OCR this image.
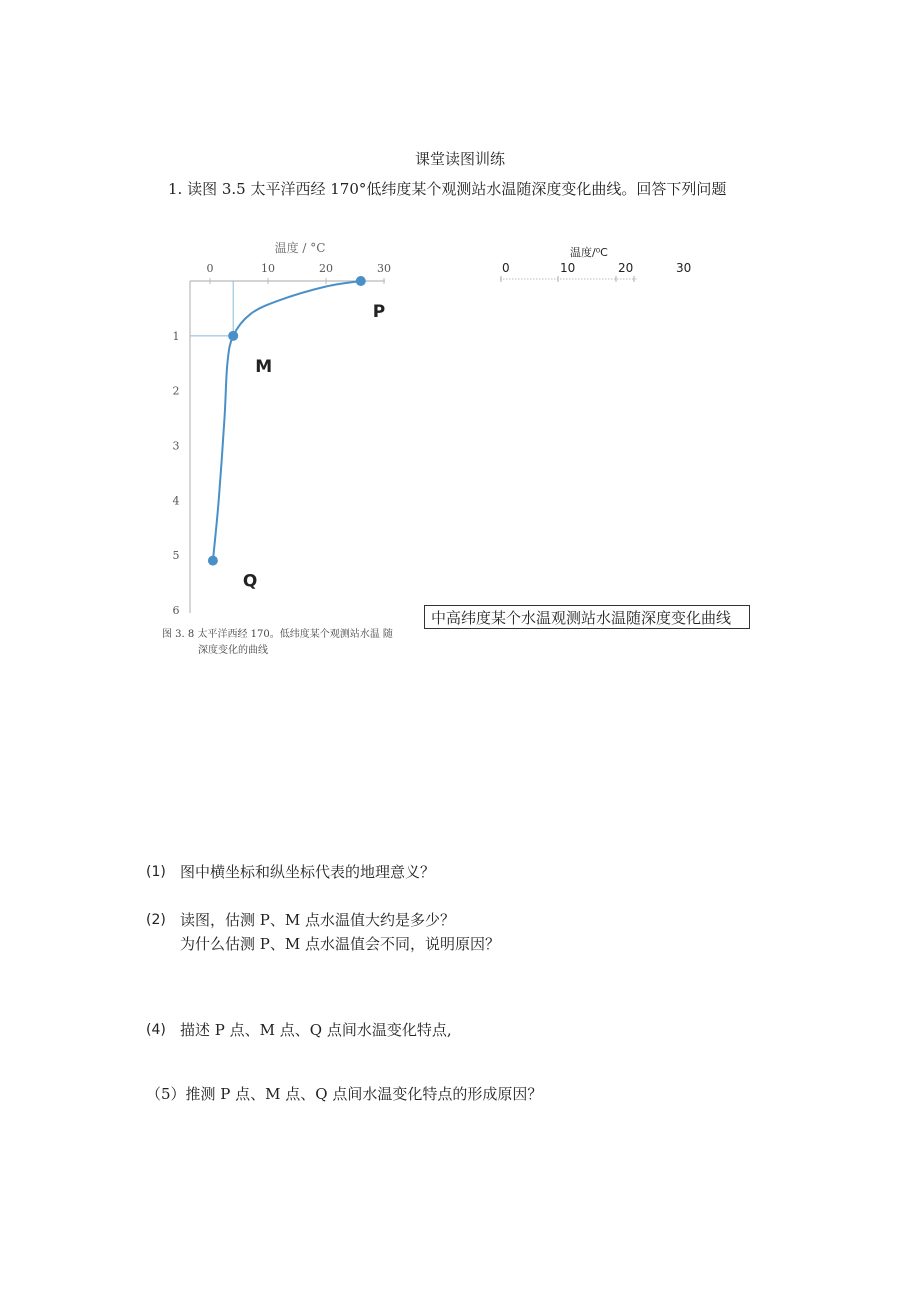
课堂读图训练
1. 读图 3.5 太平洋西经 170°低纬度某个观测站水温随深度变化曲线。回答下列问题
温度 / °C
0	10	20	30
1
2
3
4
5
6
P
M
Q
图 3. 8 太平洋西经 170。低纬度某个观测站水温 随
深度变化的曲线
温度/⁰C
0	10	20	30
中高纬度某个水温观测站水温随深度变化曲线
(1) 图中横坐标和纵坐标代表的地理意义？
(2) 读图，估测 P、M 点水温值大约是多少？
为什么估测 P、M 点水温值会不同，说明原因？
(4) 描述 P 点、M 点、Q 点间水温变化特点,
（5）推测 P 点、M 点、Q 点间水温变化特点的形成原因？
